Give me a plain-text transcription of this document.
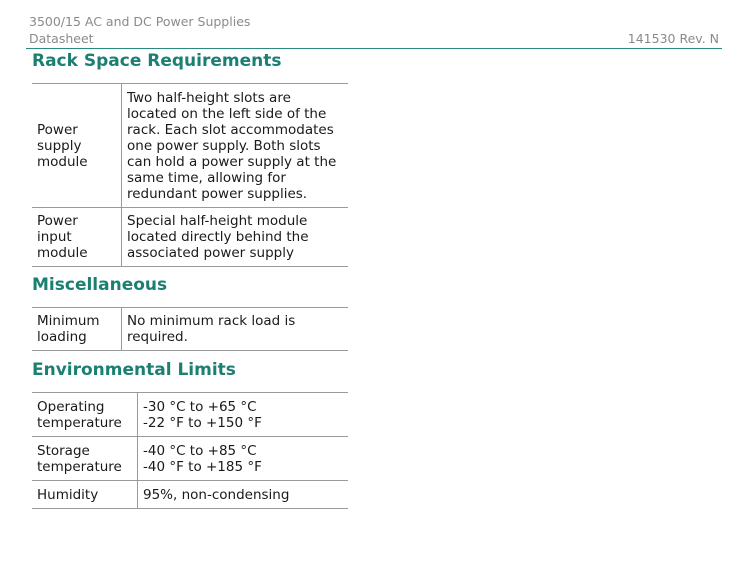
3500/15 AC and DC Power Supplies
Datasheet	141530 Rev. N
Rack Space Requirements
Power supply module	Two half-height slots are located on the left side of the rack. Each slot accommodates one power supply. Both slots can hold a power supply at the same time, allowing for redundant power supplies.
Power input module	Special half-height module located directly behind the associated power supply
Miscellaneous
Minimum loading	No minimum rack load is required.
Environmental Limits
Operating temperature	-30 °C to +65 °C
-22 °F to +150 °F

Storage temperature	-40 °C to +85 °C
-40 °F to +185 °F

Humidity	95%, non-condensing
